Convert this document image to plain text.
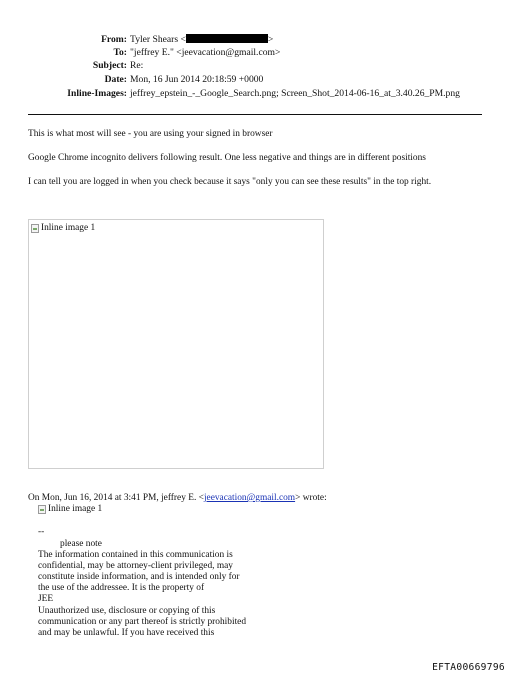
From: Tyler Shears <	>
To: "jeffrey E." <jeevacation@gmail.com>
Subject: Re:
Date: Mon, 16 Jun 2014 20:18:59 +0000
Inline-Images: jeffrey_epstein_-_Google_Search.png; Screen_Shot_2014-06-16_at_3.40.26_PM.png
This is what most will see - you are using your signed in browser
Google Chrome incognito delivers following result. One less negative and things are in different positions
I can tell you are logged in when you check because it says "only you can see these results" in the top right.
Inline image 1
On Mon, Jun 16, 2014 at 3:41 PM, jeffrey E. <jeevacation@gmail.com> wrote:
Inline image 1
--
please note
The information contained in this communication is
confidential, may be attorney-client privileged, may
constitute inside information, and is intended only for
the use of the addressee. It is the property of
JEE
Unauthorized use, disclosure or copying of this
communication or any part thereof is strictly prohibited
and may be unlawful. If you have received this
EFTA00669796
